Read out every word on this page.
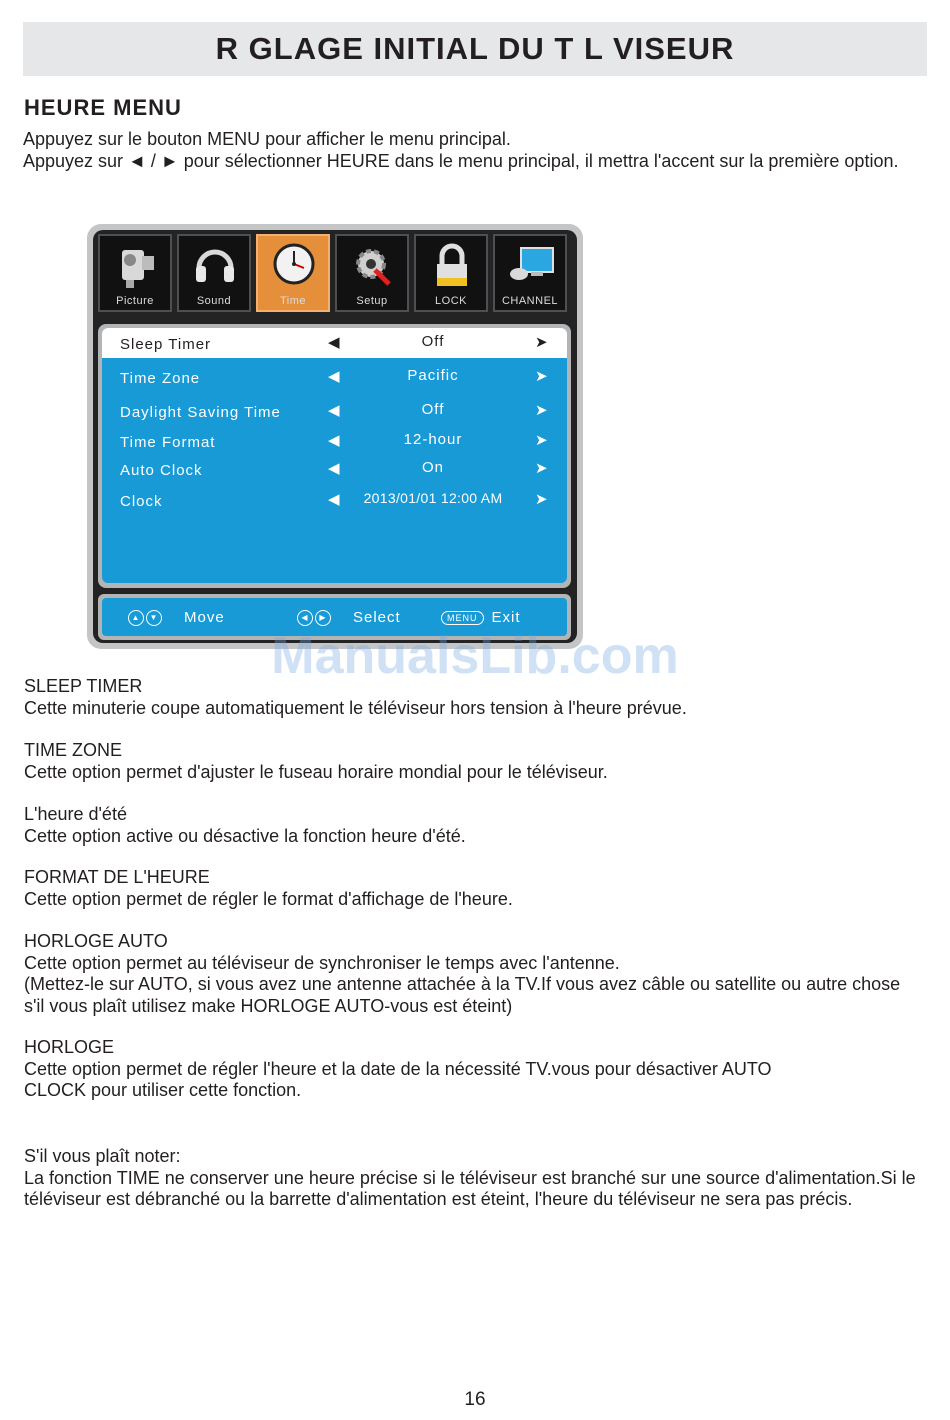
R GLAGE INITIAL DU T L VISEUR
HEURE MENU

Appuyez sur le bouton MENU pour afficher le menu principal.

Appuyez sur ◄ / ► pour sélectionner HEURE dans le menu principal, il mettra l'accent sur la première option.

Picture	Sound	Time	Setup	LOCK	CHANNEL
Sleep Timer	◀	Off	➤
Time Zone	◀	Pacific	➤
Daylight Saving Time	◀	Off	➤
Time Format	◀	12-hour	➤
Auto Clock	◀	On	➤
Clock	◀	2013/01/01 12:00 AM	➤
▲	▼ Move	◀	▶ Select	MENU Exit
ManualsLib.com

SLEEP TIMER

Cette minuterie coupe automatiquement le téléviseur hors tension à l'heure prévue.

TIME ZONE

Cette option permet d'ajuster le fuseau horaire mondial pour le téléviseur.

L'heure d'été

Cette option active ou désactive la fonction heure d'été.

FORMAT DE L'HEURE

Cette option permet de régler le format d'affichage de l'heure.

HORLOGE AUTO

Cette option permet au téléviseur de synchroniser le temps avec l'antenne.

(Mettez-le sur AUTO, si vous avez une antenne attachée à la TV.If vous avez câble ou satellite ou autre chose s'il vous plaît utilisez make HORLOGE AUTO-vous est éteint)

HORLOGE

Cette option permet de régler l'heure et la date de la nécessité TV.vous pour désactiver AUTO CLOCK pour utiliser cette fonction.

S'il vous plaît noter:

La fonction TIME ne conserver une heure précise si le téléviseur est branché sur une source d'alimentation.Si le téléviseur est débranché ou la barrette d'alimentation est éteint, l'heure du téléviseur ne sera pas précis.

16
